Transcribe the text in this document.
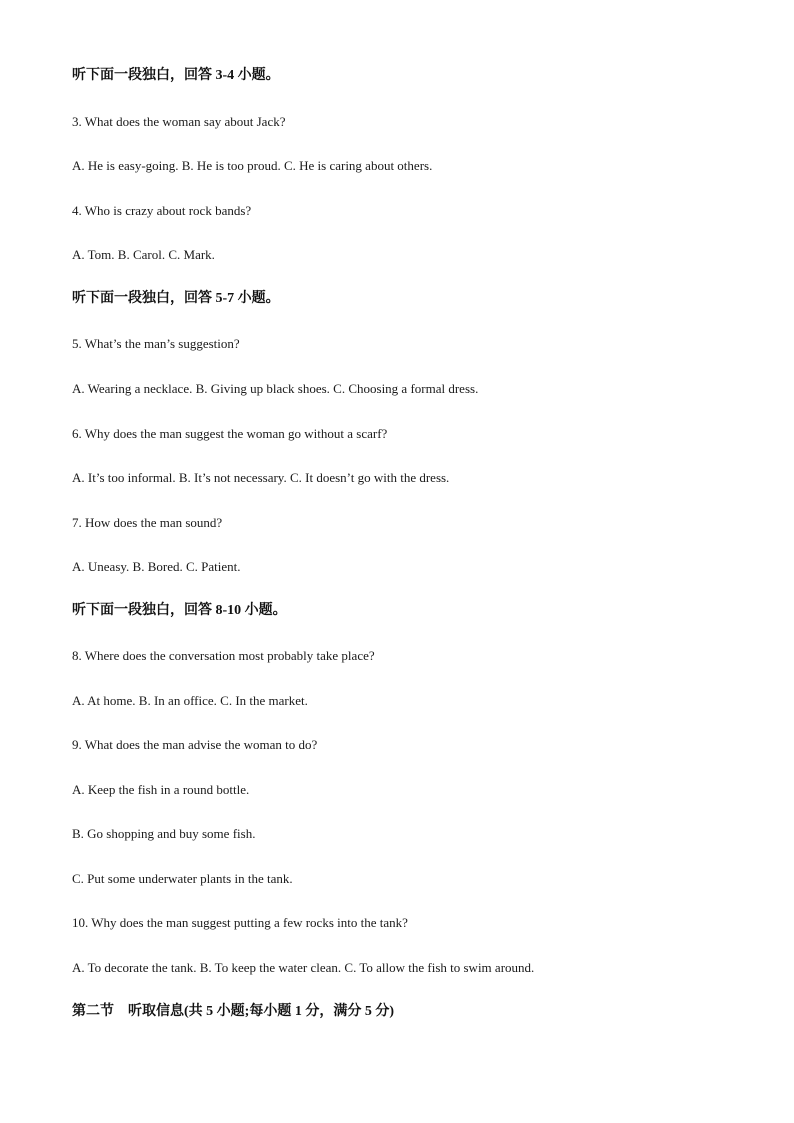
听下面一段独白，回答 3-4 小题。
3. What does the woman say about Jack?
A. He is easy-going. B. He is too proud. C. He is caring about others.
4. Who is crazy about rock bands?
A. Tom. B. Carol. C. Mark.
听下面一段独白，回答 5-7 小题。
5. What’s the man’s suggestion?
A. Wearing a necklace. B. Giving up black shoes. C. Choosing a formal dress.
6. Why does the man suggest the woman go without a scarf?
A. It’s too informal. B. It’s not necessary. C. It doesn’t go with the dress.
7. How does the man sound?
A. Uneasy. B. Bored. C. Patient.
听下面一段独白，回答 8-10 小题。
8. Where does the conversation most probably take place?
A. At home. B. In an office. C. In the market.
9. What does the man advise the woman to do?
A. Keep the fish in a round bottle.
B. Go shopping and buy some fish.
C. Put some underwater plants in the tank.
10. Why does the man suggest putting a few rocks into the tank?
A. To decorate the tank. B. To keep the water clean. C. To allow the fish to swim around.
第二节　听取信息(共 5 小题;每小题 1 分，满分 5 分)
